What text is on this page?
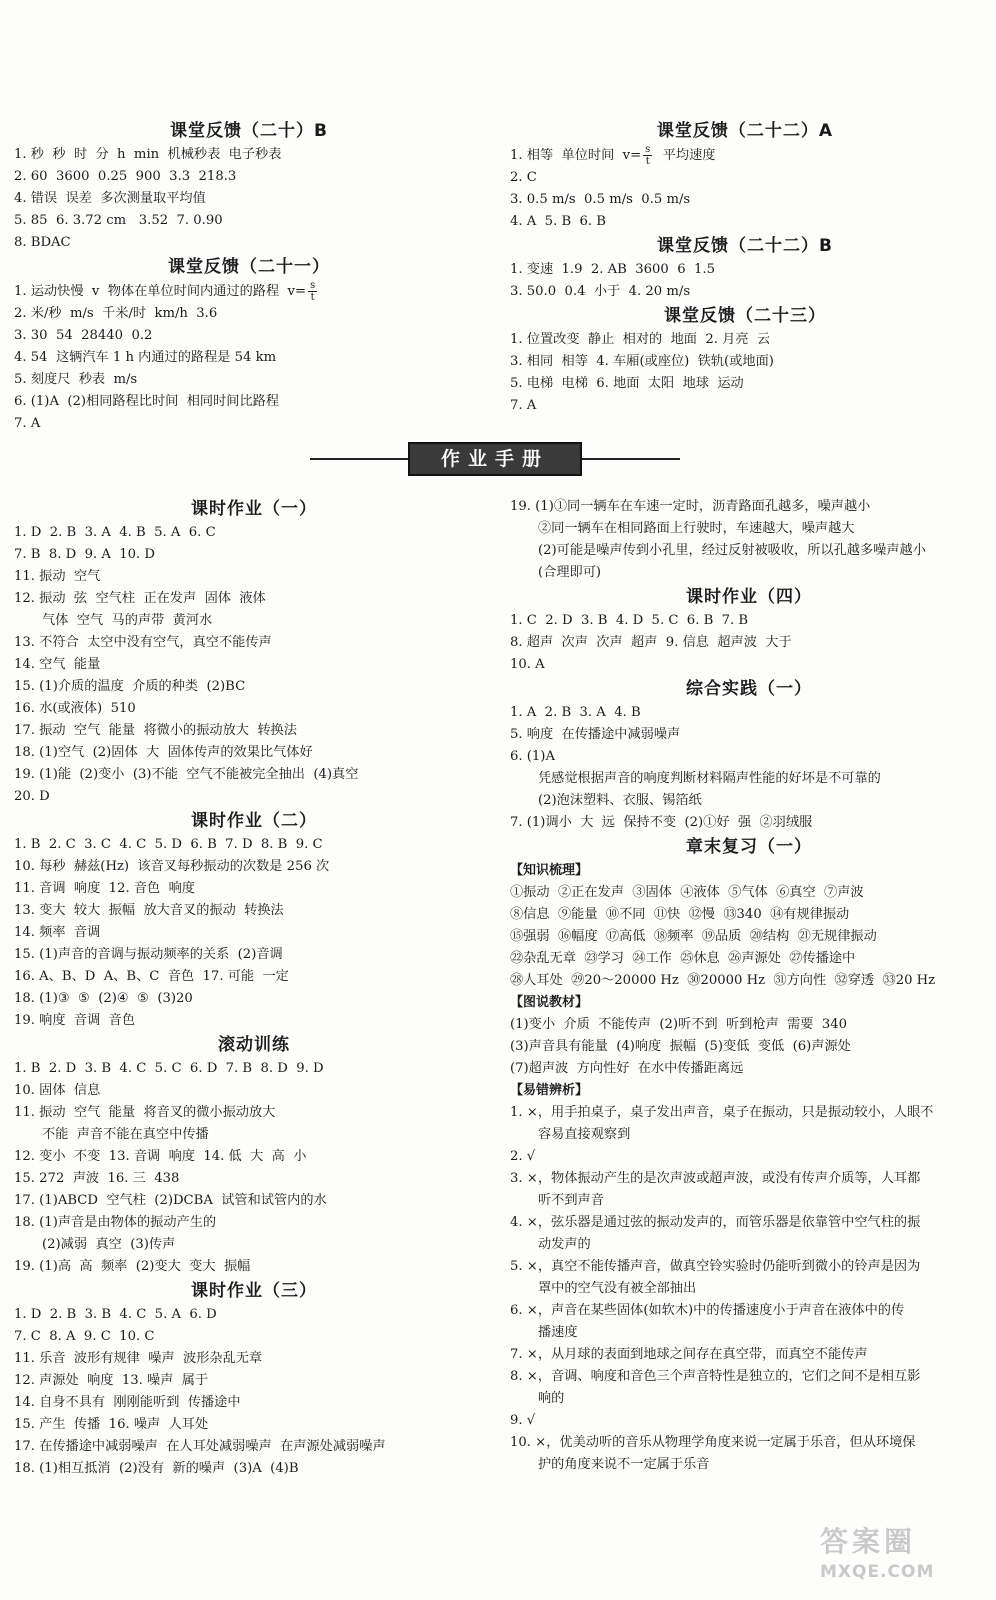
课堂反馈（二十）B
1. 秒  秒  时  分  h  min  机械秒表  电子秒表
2. 60  3600  0.25  900  3.3  218.3
4. 错误  误差  多次测量取平均值
5. 85  6. 3.72 cm   3.52  7. 0.90
8. BDAC
课堂反馈（二十一）
1. 运动快慢  v  物体在单位时间内通过的路程  $v= \frac{s}{t}$
2. 米/秒  m/s  千米/时  km/h  3.6
3. 30  54  28440  0.2
4. 54  这辆汽车 1 h 内通过的路程是 54 km
5. 刻度尺  秒表  m/s
6. (1)A  (2)相同路程比时间  相同时间比路程
7. A
课堂反馈（二十二）A
1. 相等  单位时间  $v= \frac{s}{t}$ 平均速度
2. C
3. 0.5 m/s  0.5 m/s  0.5 m/s
4. A  5. B  6. B
课堂反馈（二十二）B
1. 变速  1.9  2. AB  3600  6  1.5
3. 50.0  0.4  小于  4. 20 m/s
课堂反馈（二十三）
1. 位置改变  静止  相对的  地面  2. 月亮  云
3. 相同  相等  4. 车厢(或座位)  铁轨(或地面)
5. 电梯  电梯  6. 地面  太阳  地球  运动
7. A
作业手册
课时作业（一）
1. D  2. B  3. A  4. B  5. A  6. C
7. B  8. D  9. A  10. D
11. 振动  空气
12. 振动  弦  空气柱  正在发声  固体  液体
气体  空气  马的声带  黄河水
13. 不符合  太空中没有空气，真空不能传声
14. 空气  能量
15. (1)介质的温度  介质的种类  (2)BC
16. 水(或液体)  510
17. 振动  空气  能量  将微小的振动放大  转换法
18. (1)空气  (2)固体  大  固体传声的效果比气体好
19. (1)能  (2)变小  (3)不能  空气不能被完全抽出  (4)真空
20. D
课时作业（二）
1. B  2. C  3. C  4. C  5. D  6. B  7. D  8. B  9. C
10. 每秒  赫兹(Hz)  该音叉每秒振动的次数是 256 次
11. 音调  响度  12. 音色  响度
13. 变大  较大  振幅  放大音叉的振动  转换法
14. 频率  音调
15. (1)声音的音调与振动频率的关系  (2)音调
16. A、B、D  A、B、C  音色  17. 可能  一定
18. (1)③  ⑤  (2)④  ⑤  (3)20
19. 响度  音调  音色
滚动训练
1. B  2. D  3. B  4. C  5. C  6. D  7. B  8. D  9. D
10. 固体  信息
11. 振动  空气  能量  将音叉的微小振动放大
不能  声音不能在真空中传播
12. 变小  不变  13. 音调  响度  14. 低  大  高  小
15. 272  声波  16. 三  438
17. (1)ABCD  空气柱  (2)DCBA  试管和试管内的水
18. (1)声音是由物体的振动产生的
(2)减弱  真空  (3)传声
19. (1)高  高  频率  (2)变大  变大  振幅
课时作业（三）
1. D  2. B  3. B  4. C  5. A  6. D
7. C  8. A  9. C  10. C
11. 乐音  波形有规律  噪声  波形杂乱无章
12. 声源处  响度  13. 噪声  属于
14. 自身不具有  刚刚能听到  传播途中
15. 产生  传播  16. 噪声  人耳处
17. 在传播途中减弱噪声  在人耳处减弱噪声  在声源处减弱噪声
18. (1)相互抵消  (2)没有  新的噪声  (3)A  (4)B
19. (1)①同一辆车在车速一定时，沥青路面孔越多，噪声越小
②同一辆车在相同路面上行驶时，车速越大，噪声越大
(2)可能是噪声传到小孔里，经过反射被吸收，所以孔越多噪声越小
(合理即可)
课时作业（四）
1. C  2. D  3. B  4. D  5. C  6. B  7. B
8. 超声  次声  次声  超声  9. 信息  超声波  大于
10. A
综合实践（一）
1. A  2. B  3. A  4. B
5. 响度  在传播途中减弱噪声
6. (1)A
凭感觉根据声音的响度判断材料隔声性能的好坏是不可靠的
(2)泡沫塑料、衣服、锡箔纸
7. (1)调小  大  远  保持不变  (2)①好  强  ②羽绒服
章末复习（一）
【知识梳理】
①振动  ②正在发声  ③固体  ④液体  ⑤气体  ⑥真空  ⑦声波
⑧信息  ⑨能量  ⑩不同  ⑪快  ⑫慢  ⑬340  ⑭有规律振动
⑮强弱  ⑯幅度  ⑰高低  ⑱频率  ⑲品质  ⑳结构  ㉑无规律振动
㉒杂乱无章  ㉓学习  ㉔工作  ㉕休息  ㉖声源处  ㉗传播途中
㉘人耳处  ㉙20～20000 Hz  ㉚20000 Hz  ㉛方向性  ㉜穿透  ㉝20 Hz
【图说教材】
(1)变小  介质  不能传声  (2)听不到  听到枪声  需要  340
(3)声音具有能量  (4)响度  振幅  (5)变低  变低  (6)声源处
(7)超声波  方向性好  在水中传播距离远
【易错辨析】
1. ×，用手拍桌子，桌子发出声音，桌子在振动，只是振动较小，人眼不
容易直接观察到
2. √
3. ×，物体振动产生的是次声波或超声波，或没有传声介质等，人耳都
听不到声音
4. ×，弦乐器是通过弦的振动发声的，而管乐器是依靠管中空气柱的振
动发声的
5. ×，真空不能传播声音，做真空铃实验时仍能听到微小的铃声是因为
罩中的空气没有被全部抽出
6. ×，声音在某些固体(如软木)中的传播速度小于声音在液体中的传
播速度
7. ×，从月球的表面到地球之间存在真空带，而真空不能传声
8. ×，音调、响度和音色三个声音特性是独立的，它们之间不是相互影
响的
9. √
10. ×，优美动听的音乐从物理学角度来说一定属于乐音，但从环境保
护的角度来说不一定属于乐音
答案圈
MXQE.COM
